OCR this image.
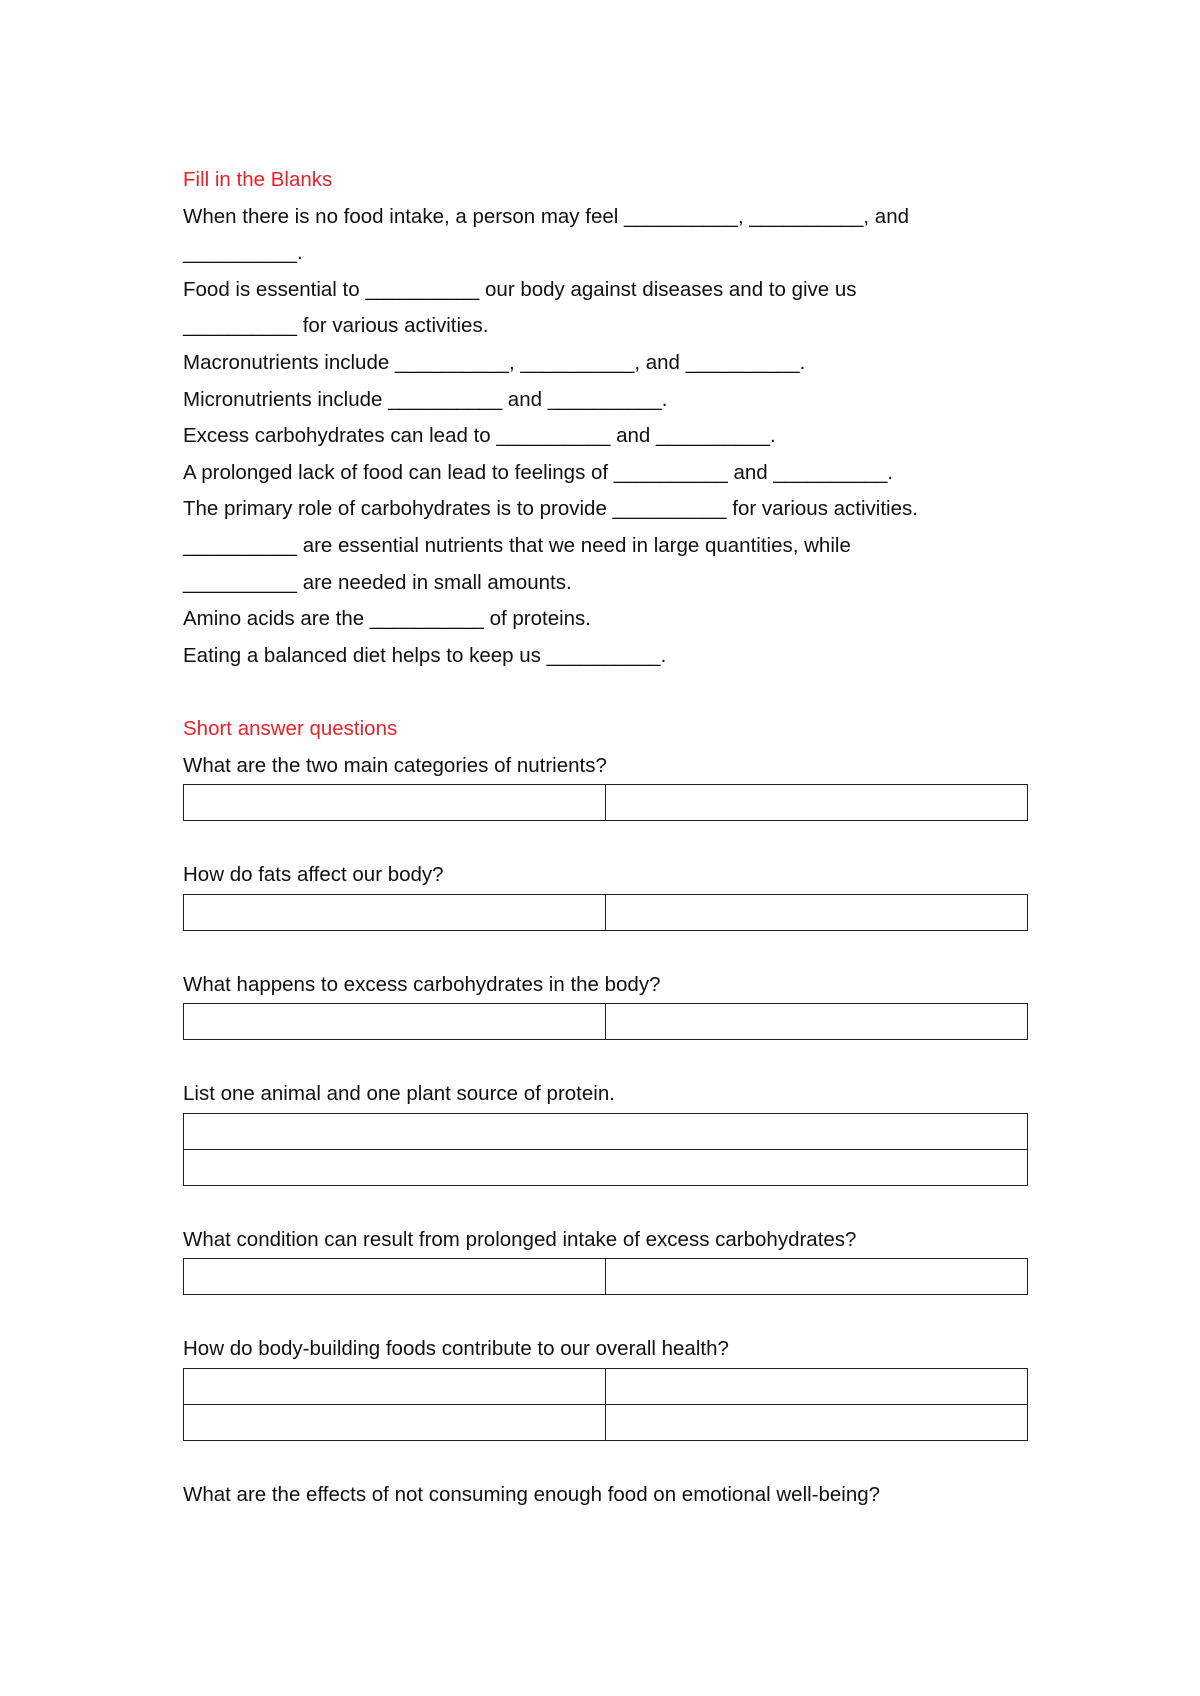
Fill in the Blanks
When there is no food intake, a person may feel __________, __________, and
__________.
Food is essential to __________ our body against diseases and to give us
__________ for various activities.
Macronutrients include __________, __________, and __________.
Micronutrients include __________ and __________.
Excess carbohydrates can lead to __________ and __________.
A prolonged lack of food can lead to feelings of __________ and __________.
The primary role of carbohydrates is to provide __________ for various activities.
__________ are essential nutrients that we need in large quantities, while
__________ are needed in small amounts.
Amino acids are the __________ of proteins.
Eating a balanced diet helps to keep us __________.
Short answer questions
What are the two main categories of nutrients?

How do fats affect our body?

What happens to excess carbohydrates in the body?

List one animal and one plant source of protein.

What condition can result from prolonged intake of excess carbohydrates?

How do body-building foods contribute to our overall health?

What are the effects of not consuming enough food on emotional well-being?
